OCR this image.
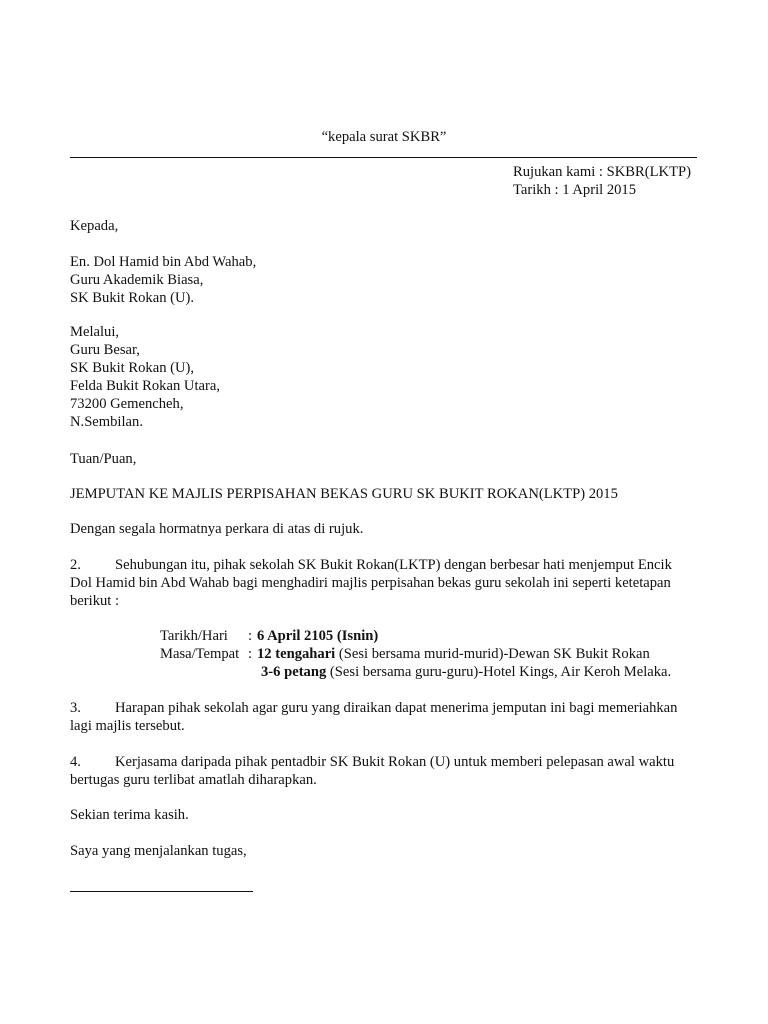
“kepala surat SKBR”
Rujukan kami : SKBR(LKTP)
Tarikh : 1 April 2015
Kepada,
En. Dol Hamid bin Abd Wahab,
Guru Akademik Biasa,
SK Bukit Rokan (U).
Melalui,
Guru Besar,
SK Bukit Rokan (U),
Felda Bukit Rokan Utara,
73200 Gemencheh,
N.Sembilan.
Tuan/Puan,
JEMPUTAN KE MAJLIS PERPISAHAN BEKAS GURU SK BUKIT ROKAN(LKTP) 2015
Dengan segala hormatnya perkara di atas di rujuk.
2. Sehubungan itu, pihak sekolah SK Bukit Rokan(LKTP) dengan berbesar hati menjemput Encik
Dol Hamid bin Abd Wahab bagi menghadiri majlis perpisahan bekas guru sekolah ini seperti ketetapan
berikut :
Tarikh/Hari : 6 April 2105 (Isnin)
Masa/Tempat : 12 tengahari (Sesi bersama murid-murid)-Dewan SK Bukit Rokan
3-6 petang (Sesi bersama guru-guru)-Hotel Kings, Air Keroh Melaka.
3. Harapan pihak sekolah agar guru yang diraikan dapat menerima jemputan ini bagi memeriahkan
lagi majlis tersebut.
4. Kerjasama daripada pihak pentadbir SK Bukit Rokan (U) untuk memberi pelepasan awal waktu
bertugas guru terlibat amatlah diharapkan.
Sekian terima kasih.
Saya yang menjalankan tugas,
